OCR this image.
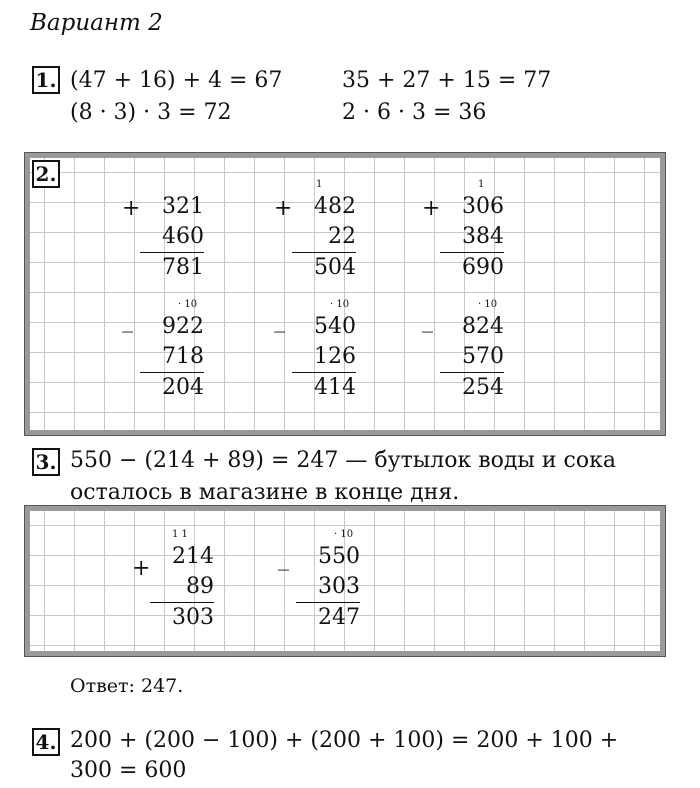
Вариант 2
1. (47 + 16) + 4 = 67	35 + 27 + 15 = 77
(8 · 3) · 3 = 72	2 · 6 · 3 = 36
2.
+ 321
460
781
1
+ 482
22
504
1
+ 306
384
690
· 10
_	922
718
204
· 10
_	540
126
414
· 10
_	824
570
254
3. 550 − (214 + 89) = 247 — бутылок воды и сока
осталось в магазине в конце дня.
1 1
+ 214
89
303
· 10
_	550
303
247
Ответ: 247.
4. 200 + (200 − 100) + (200 + 100) = 200 + 100 +
300 = 600
